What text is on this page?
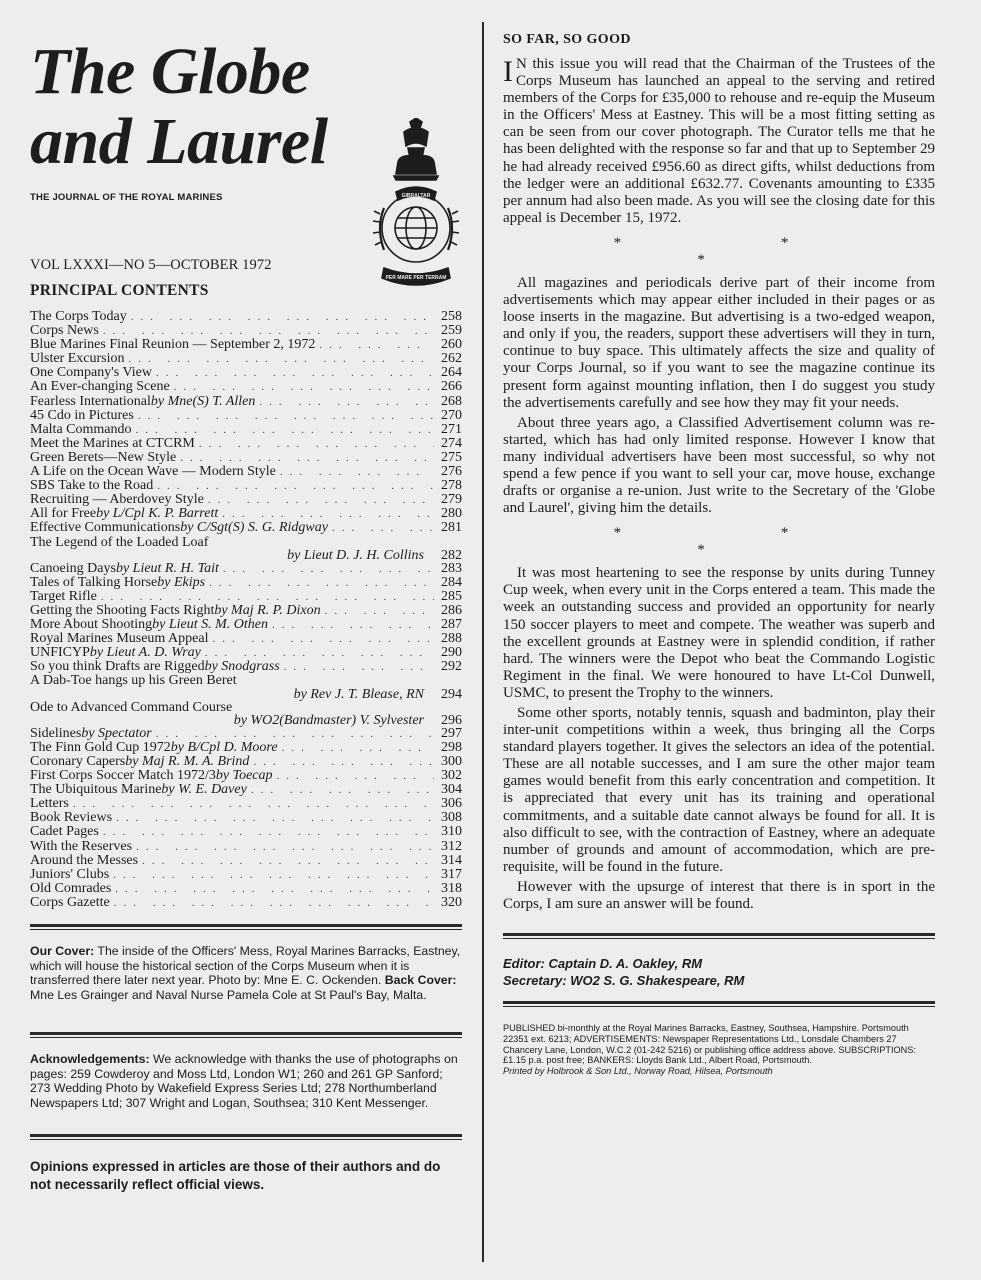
The Globe
and Laurel
THE JOURNAL OF THE ROYAL MARINES	GIBRALTAR
PER MARE PER TERRAM
VOL LXXXI—NO 5—OCTOBER 1972
PRINCIPAL CONTENTS
The Corps Today ... .	258
Corps News ... .	259
Blue Marines Final Reunion — September 2, 1972 ... .	260
Ulster Excursion ... .	262
One Company's View ... .	264
An Ever-changing Scene ... .	266
Fearless International by Mne(S) T. Allen ... .	268
45 Cdo in Pictures ... .	270
Malta Commando ... .	271
Meet the Marines at CTCRM ... .	274
Green Berets—New Style ... .	275
A Life on the Ocean Wave — Modern Style ... .	276
SBS Take to the Road ... .	278
Recruiting — Aberdovey Style ... .	279
All for Free by L/Cpl K. P. Barrett ... .	280
Effective Communications by C/Sgt(S) S. G. Ridgway ... .	281
The Legend of the Loaded Loaf
by Lieut D. J. H. Collins	282
Canoeing Days by Lieut R. H. Tait ... .	283
Tales of Talking Horse by Ekips ... .	284
Target Rifle ... .	285
Getting the Shooting Facts Right by Maj R. P. Dixon ... .	286
More About Shooting by Lieut S. M. Othen ... .	287
Royal Marines Museum Appeal ... .	288
UNFICYP by Lieut A. D. Wray ... .	290
So you think Drafts are Rigged by Snodgrass ... .	292
A Dab-Toe hangs up his Green Beret
by Rev J. T. Blease, RN	294
Ode to Advanced Command Course
by WO2(Bandmaster) V. Sylvester	296
Sidelines by Spectator ... .	297
The Finn Gold Cup 1972 by B/Cpl D. Moore ... .	298
Coronary Capers by Maj R. M. A. Brind ... .	300
First Corps Soccer Match 1972/3 by Toecap ... .	302
The Ubiquitous Marine by W. E. Davey ... .	304
Letters ... .	306
Book Reviews ... .	308
Cadet Pages ... .	310
With the Reserves ... .	312
Around the Messes ... .	314
Juniors' Clubs ... .	317
Old Comrades ... .	318
Corps Gazette ... .	320
Our Cover: The inside of the Officers' Mess, Royal Marines Barracks, Eastney, which will house the historical section of the Corps Museum when it is transferred there later next year. Photo by: Mne E. C. Ockenden. Back Cover: Mne Les Grainger and Naval Nurse Pamela Cole at St Paul's Bay, Malta.
Acknowledgements: We acknowledge with thanks the use of photographs on pages: 259 Cowderoy and Moss Ltd, London W1; 260 and 261 GP Sanford; 273 Wedding Photo by Wakefield Express Series Ltd; 278 Northumberland Newspapers Ltd; 307 Wright and Logan, Southsea; 310 Kent Messenger.
Opinions expressed in articles are those of their authors and do not necessarily reflect official views.
SO FAR, SO GOOD

I N this issue you will read that the Chairman of the Trustees of the Corps Museum has launched an appeal to the serving and retired members of the Corps for £35,000 to rehouse and re-equip the Museum in the Officers' Mess at Eastney. This will be a most fitting setting as can be seen from our cover photograph. The Curator tells me that he has been delighted with the response so far and that up to September 29 he had already received £956.60 as direct gifts, whilst deductions from the ledger were an additional £632.77. Covenants amounting to £335 per annum had also been made. As you will see the closing date for this appeal is December 15, 1972.

* * *

All magazines and periodicals derive part of their income from advertisements which may appear either included in their pages or as loose inserts in the magazine. But advertising is a two-edged weapon, and only if you, the readers, support these advertisers will they in turn, continue to buy space. This ultimately affects the size and quality of your Corps Journal, so if you want to see the magazine continue its present form against mounting inflation, then I do suggest you study the advertisements carefully and see how they may fit your needs.

About three years ago, a Classified Advertisement column was re-started, which has had only limited response. However I know that many individual advertisers have been most successful, so why not spend a few pence if you want to sell your car, move house, exchange drafts or organise a re-union. Just write to the Secretary of the 'Globe and Laurel', giving him the details.

* * *

It was most heartening to see the response by units during Tunney Cup week, when every unit in the Corps entered a team. This made the week an outstanding success and provided an opportunity for nearly 150 soccer players to meet and compete. The weather was superb and the excellent grounds at Eastney were in splendid condition, if rather hard. The winners were the Depot who beat the Commando Logistic Regiment in the final. We were honoured to have Lt-Col Dunwell, USMC, to present the Trophy to the winners.

Some other sports, notably tennis, squash and badminton, play their inter-unit competitions within a week, thus bringing all the Corps standard players together. It gives the selectors an idea of the potential. These are all notable successes, and I am sure the other major team games would benefit from this early concentration and competition. It is appreciated that every unit has its training and operational commitments, and a suitable date cannot always be found for all. It is also difficult to see, with the contraction of Eastney, where an adequate number of grounds and amount of accommodation, which are pre-requisite, will be found in the future.

However with the upsurge of interest that there is in sport in the Corps, I am sure an answer will be found.

Editor: Captain D. A. Oakley, RM
Secretary: WO2 S. G. Shakespeare, RM
PUBLISHED bi-monthly at the Royal Marines Barracks, Eastney, Southsea, Hampshire. Portsmouth 22351 ext. 6213; ADVERTISEMENTS: Newspaper Representations Ltd., Lonsdale Chambers 27 Chancery Lane, London, W.C.2 (01-242 5216) or publishing office address above. SUBSCRIPTIONS: £1.15 p.a. post free; BANKERS: Lloyds Bank Ltd., Albert Road, Portsmouth.
Printed by Holbrook & Son Ltd., Norway Road, Hilsea, Portsmouth
